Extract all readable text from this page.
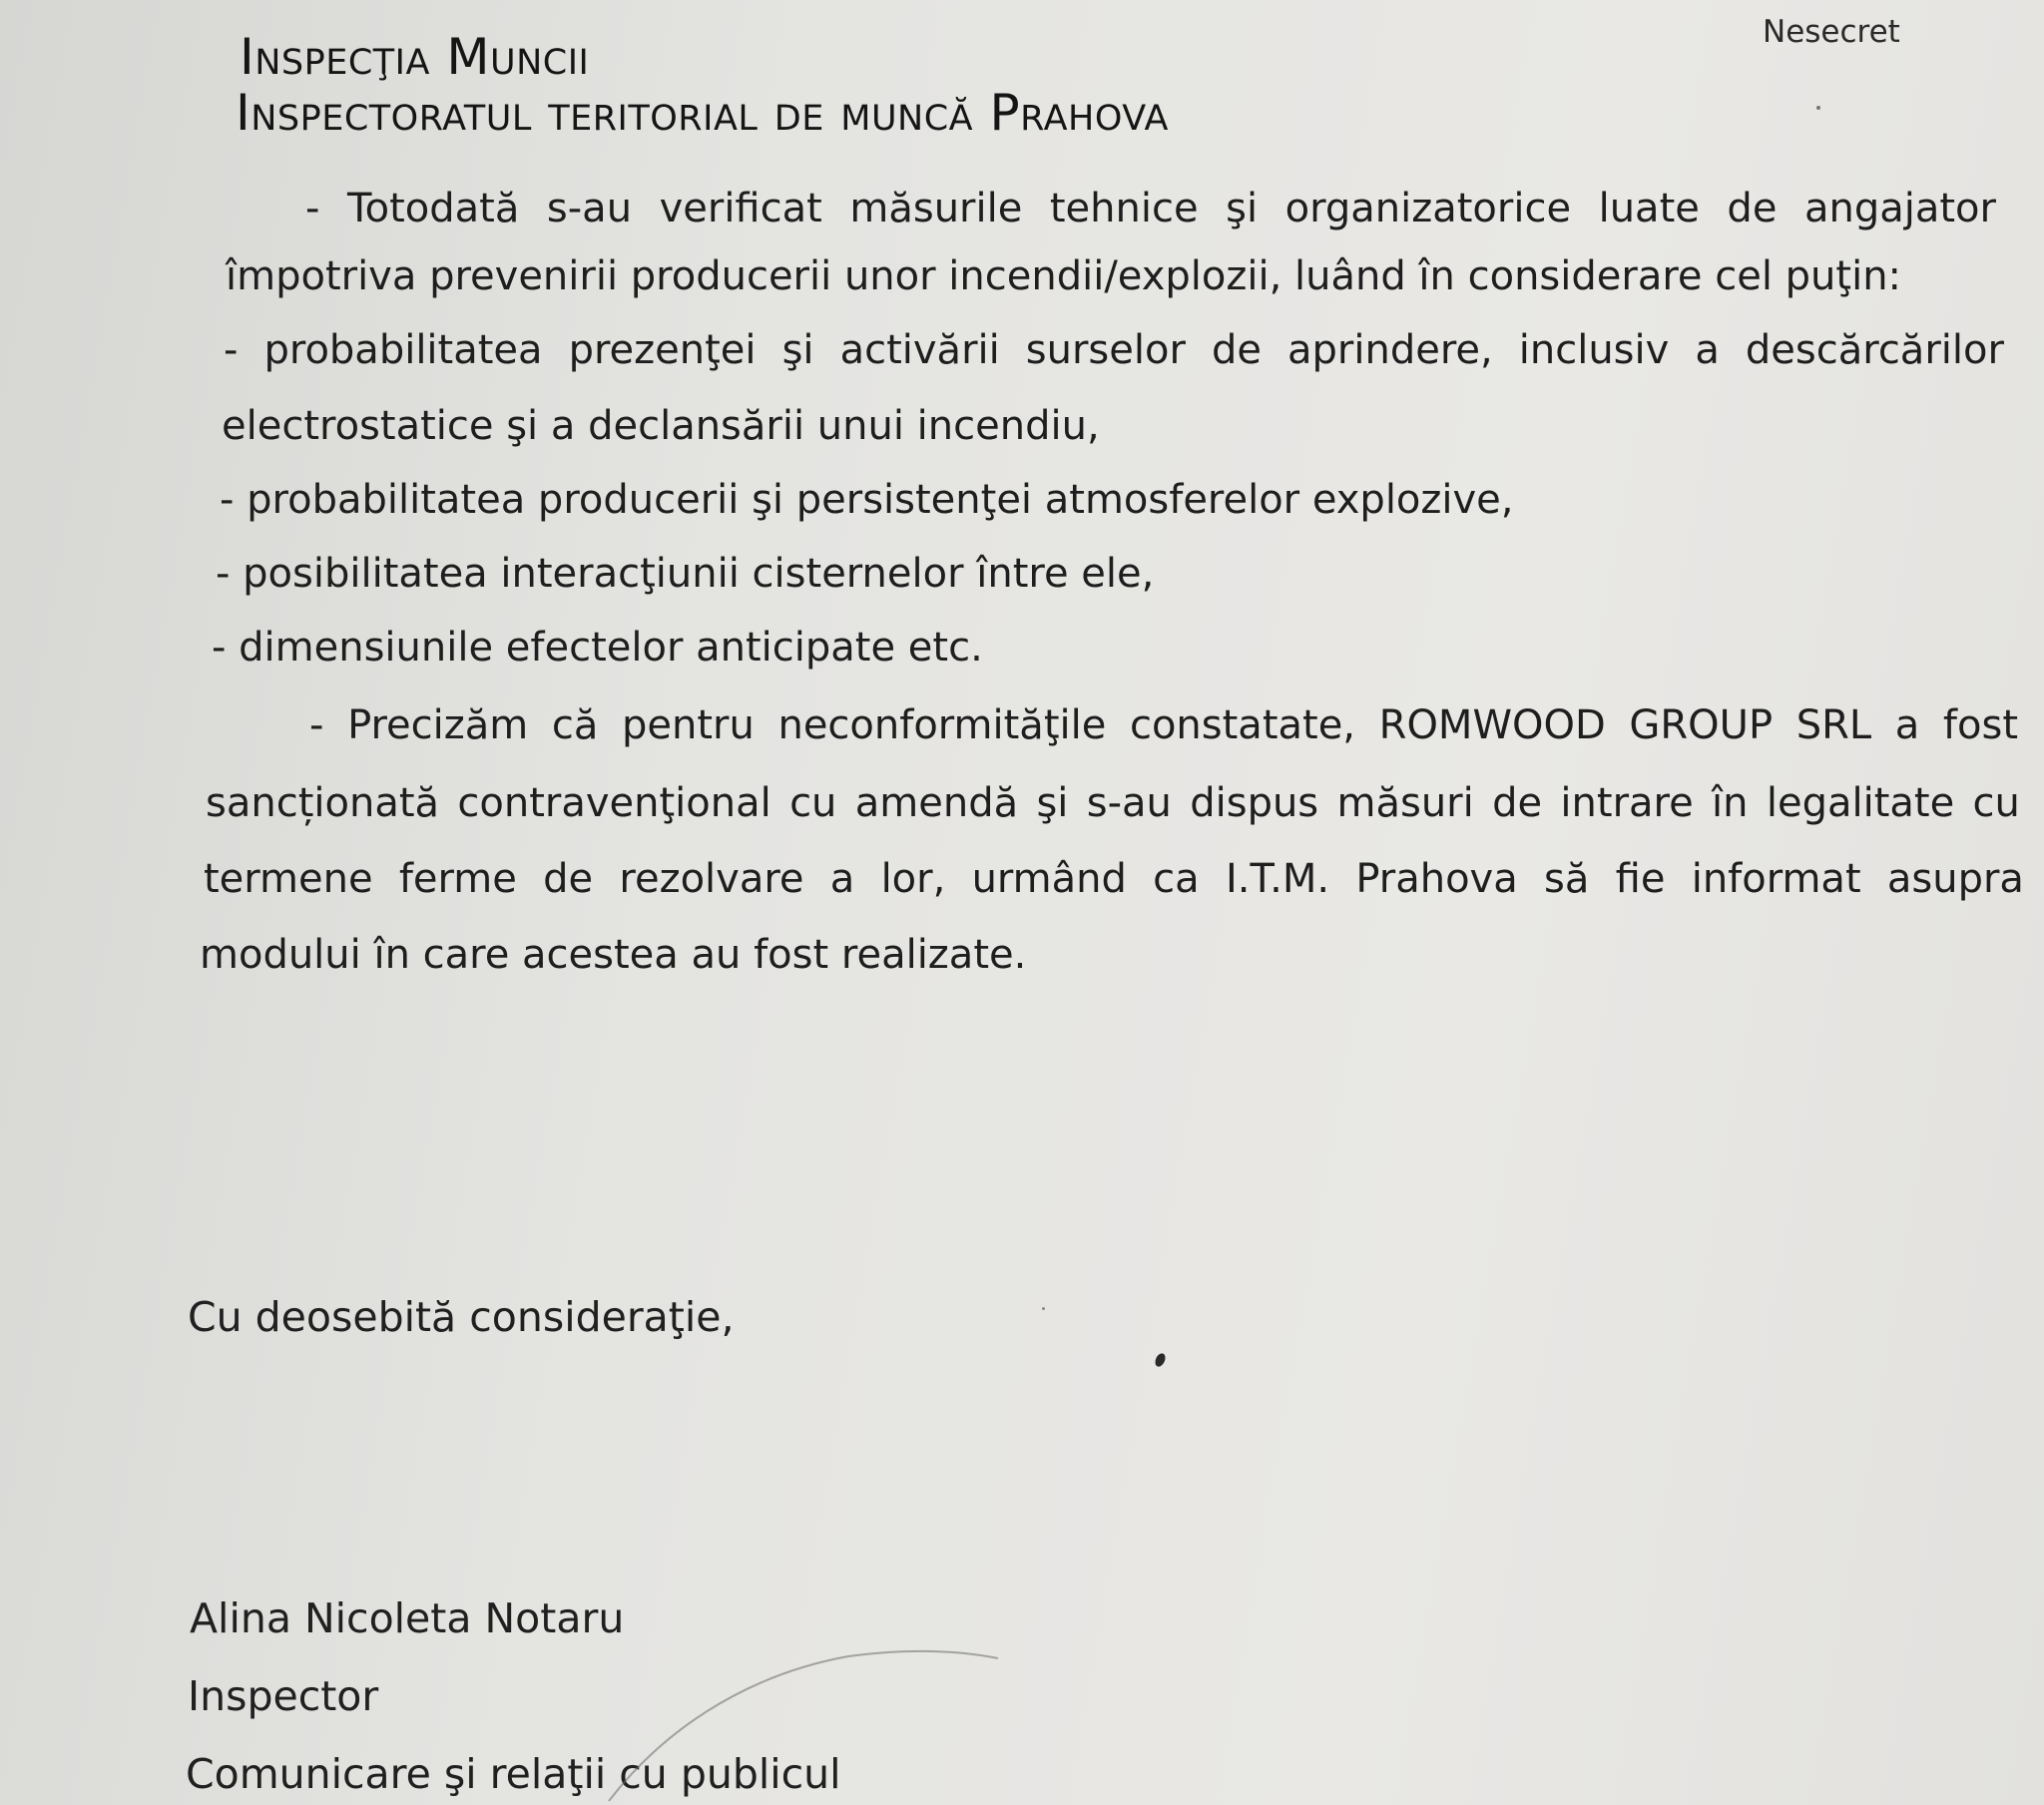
Nesecret
Inspecţia Muncii
Inspectoratul teritorial de muncă Prahova
- Totodată s-au verificat măsurile tehnice şi organizatorice luate de angajator
împotriva prevenirii producerii unor incendii/explozii, luând în considerare cel puţin:
- probabilitatea prezenţei şi activării surselor de aprindere, inclusiv a descărcărilor
electrostatice şi a declansării unui incendiu,
- probabilitatea producerii şi persistenţei atmosferelor explozive,
- posibilitatea interacţiunii cisternelor între ele,
- dimensiunile efectelor anticipate etc.
- Precizăm că pentru neconformităţile constatate, ROMWOOD GROUP SRL a fost
sancționată contravenţional cu amendă şi s-au dispus măsuri de intrare în legalitate cu
termene ferme de rezolvare a lor, urmând ca I.T.M. Prahova să fie informat asupra
modului în care acestea au fost realizate.
Cu deosebită consideraţie,
Alina Nicoleta Notaru
Inspector
Comunicare şi relaţii cu publicul
